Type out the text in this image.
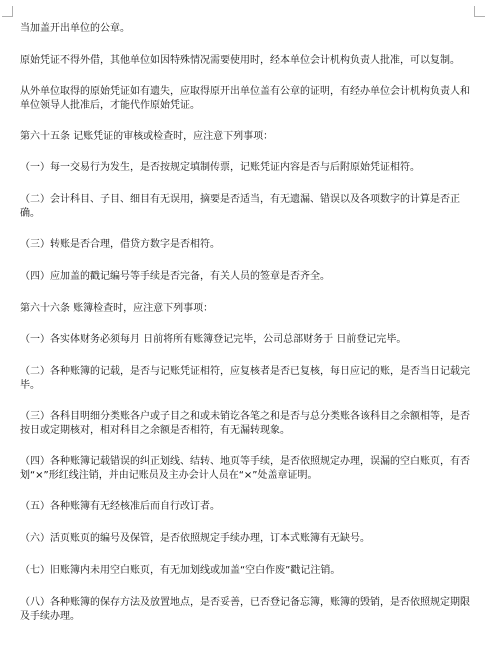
当加盖开出单位的公章。

原始凭证不得外借，其他单位如因特殊情况需要使用时，经本单位会计机构负责人批准，可以复制。

从外单位取得的原始凭证如有遗失，应取得原开出单位盖有公章的证明，有经办单位会计机构负责人和单位领导人批准后，才能代作原始凭证。

第六十五条 记账凭证的审核或检查时，应注意下列事项：

（一）每一交易行为发生，是否按规定填制传票，记账凭证内容是否与后附原始凭证相符。

（二）会计科目、子目、细目有无误用，摘要是否适当，有无遗漏、错误以及各项数字的计算是否正确。

（三）转账是否合理，借贷方数字是否相符。

（四）应加盖的戳记编号等手续是否完备，有关人员的签章是否齐全。

第六十六条 账簿检查时，应注意下列事项：

（一）各实体财务必须每月 日前将所有账簿登记完毕，公司总部财务于 日前登记完毕。

（二）各种账簿的记载，是否与记账凭证相符，应复核者是否已复核，每日应记的账，是否当日记载完毕。

（三）各科目明细分类账各户或子目之和或未销讫各笔之和是否与总分类账各该科目之余额相等，是否按日或定期核对，相对科目之余额是否相符，有无漏转现象。

（四）各种账簿记载错误的纠正划线、结转、地页等手续，是否依照规定办理，误漏的空白账页，有否划“×”形红线注销，并由记账员及主办会计人员在“×”处盖章证明。

（五）各种账簿有无经核准后而自行改订者。

（六）活页账页的编号及保管，是否依照规定手续办理，订本式账簿有无缺号。

（七）旧账簿内未用空白账页，有无加划线或加盖“空白作废”戳记注销。

（八）各种账簿的保存方法及放置地点，是否妥善，已否登记备忘簿，账簿的毁销，是否依照规定期限及手续办理。
